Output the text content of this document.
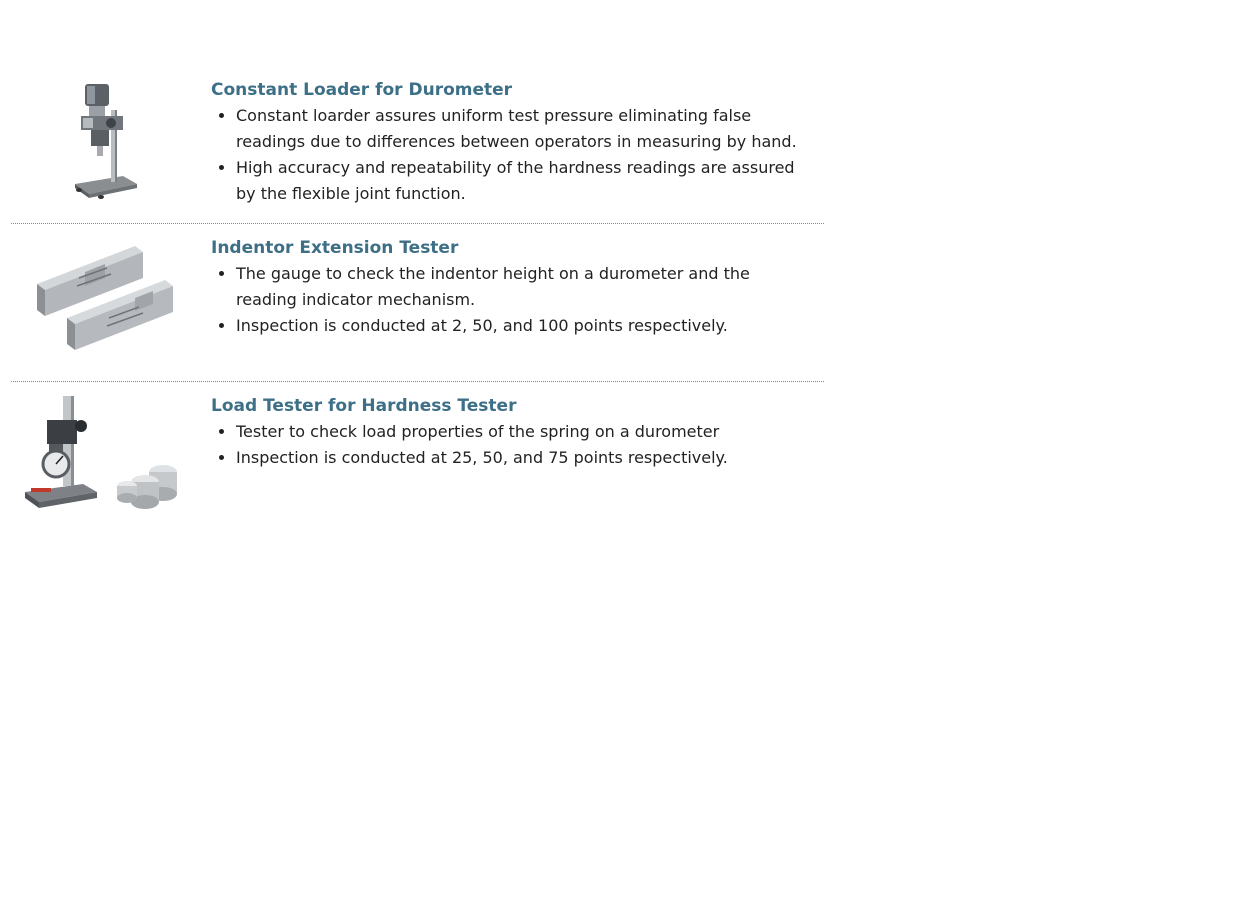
Constant Loader for Durometer
• Constant loarder assures uniform test pressure eliminating false readings due to differences between operators in measuring by hand.
• High accuracy and repeatability of the hardness readings are assured by the flexible joint function.
Indentor Extension Tester
• The gauge to check the indentor height on a durometer and the reading indicator mechanism.
• Inspection is conducted at 2, 50, and 100 points respectively.
Load Tester for Hardness Tester
• Tester to check load properties of the spring on a durometer
• Inspection is conducted at 25, 50, and 75 points respectively.
